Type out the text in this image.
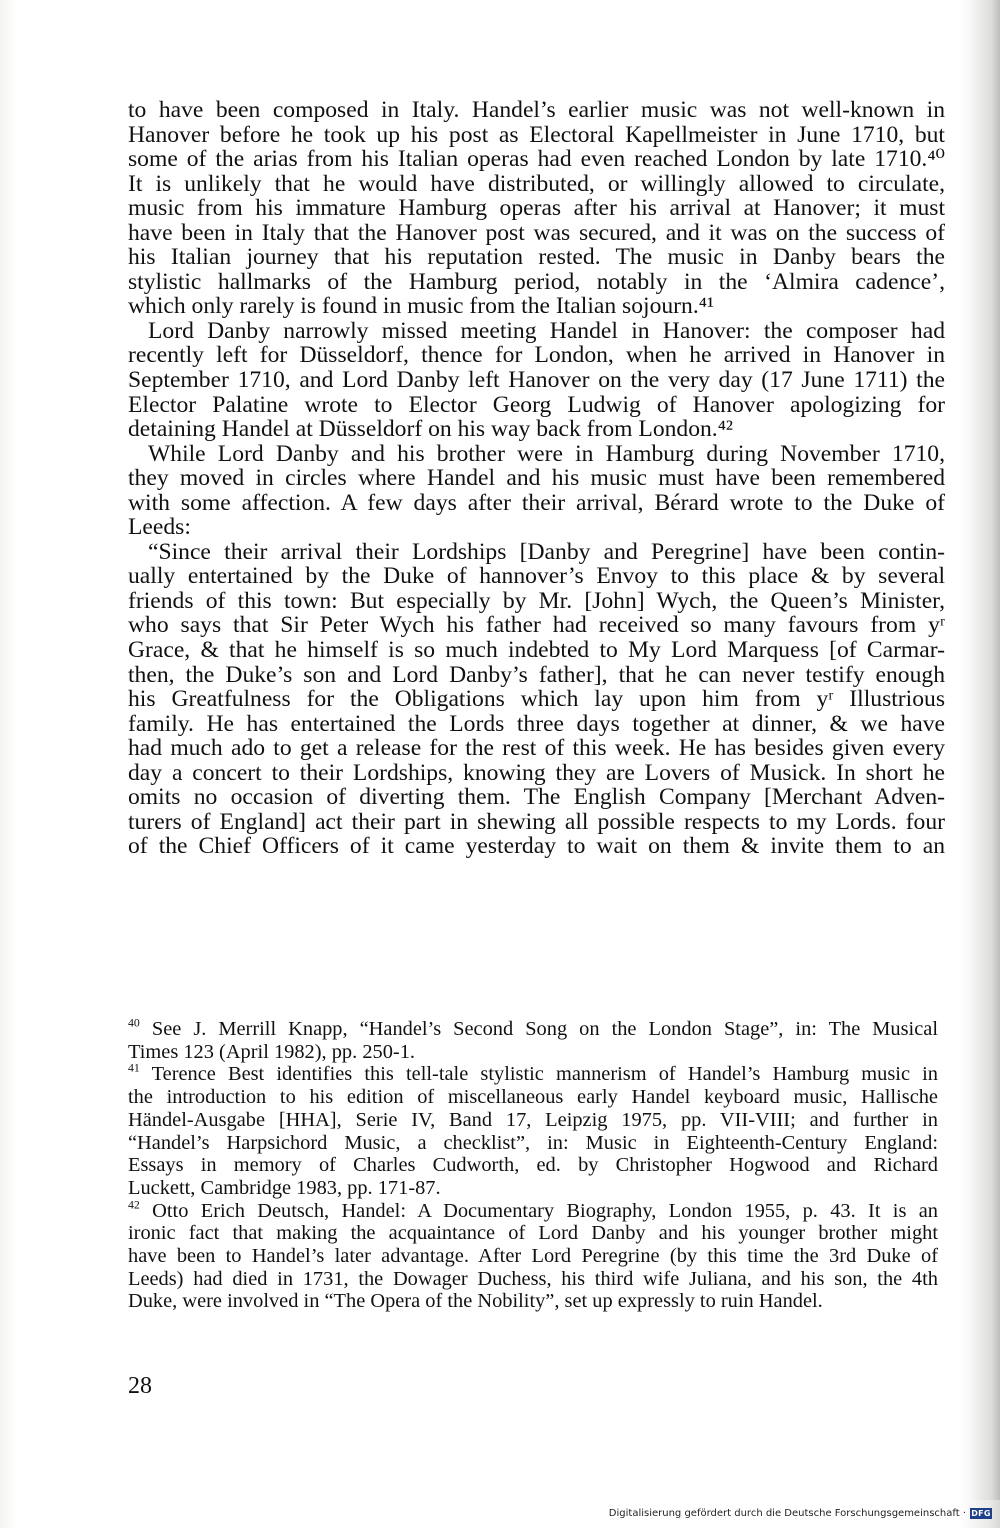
to have been composed in Italy. Handel’s earlier music was not well-known in
Hanover before he took up his post as Electoral Kapellmeister in June 1710, but
some of the arias from his Italian operas had even reached London by late 1710.⁴⁰
It is unlikely that he would have distributed, or willingly allowed to circulate,
music from his immature Hamburg operas after his arrival at Hanover; it must
have been in Italy that the Hanover post was secured, and it was on the success of
his Italian journey that his reputation rested. The music in Danby bears the
stylistic hallmarks of the Hamburg period, notably in the ‘Almira cadence’,
which only rarely is found in music from the Italian sojourn.⁴¹
Lord Danby narrowly missed meeting Handel in Hanover: the composer had
recently left for Düsseldorf, thence for London, when he arrived in Hanover in
September 1710, and Lord Danby left Hanover on the very day (17 June 1711) the
Elector Palatine wrote to Elector Georg Ludwig of Hanover apologizing for
detaining Handel at Düsseldorf on his way back from London.⁴²
While Lord Danby and his brother were in Hamburg during November 1710,
they moved in circles where Handel and his music must have been remembered
with some affection. A few days after their arrival, Bérard wrote to the Duke of
Leeds:
“Since their arrival their Lordships [Danby and Peregrine] have been contin-
ually entertained by the Duke of hannover’s Envoy to this place & by several
friends of this town: But especially by Mr. [John] Wych, the Queen’s Minister,
who says that Sir Peter Wych his father had received so many favours from yʳ
Grace, & that he himself is so much indebted to My Lord Marquess [of Carmar-
then, the Duke’s son and Lord Danby’s father], that he can never testify enough
his Greatfulness for the Obligations which lay upon him from yʳ Illustrious
family. He has entertained the Lords three days together at dinner, & we have
had much ado to get a release for the rest of this week. He has besides given every
day a concert to their Lordships, knowing they are Lovers of Musick. In short he
omits no occasion of diverting them. The English Company [Merchant Adven-
turers of England] act their part in shewing all possible respects to my Lords. four
of the Chief Officers of it came yesterday to wait on them & invite them to an
$^{40}$ See J. Merrill Knapp, “Handel’s Second Song on the London Stage”, in: The Musical
Times 123 (April 1982), pp. 250-1.
$^{41}$ Terence Best identifies this tell-tale stylistic mannerism of Handel’s Hamburg music in
the introduction to his edition of miscellaneous early Handel keyboard music, Hallische
Händel-Ausgabe [HHA], Serie IV, Band 17, Leipzig 1975, pp. VII-VIII; and further in
“Handel’s Harpsichord Music, a checklist”, in: Music in Eighteenth-Century England:
Essays in memory of Charles Cudworth, ed. by Christopher Hogwood and Richard
Luckett, Cambridge 1983, pp. 171-87.
$^{42}$ Otto Erich Deutsch, Handel: A Documentary Biography, London 1955, p. 43. It is an
ironic fact that making the acquaintance of Lord Danby and his younger brother might
have been to Handel’s later advantage. After Lord Peregrine (by this time the 3rd Duke of
Leeds) had died in 1731, the Dowager Duchess, his third wife Juliana, and his son, the 4th
Duke, were involved in “The Opera of the Nobility”, set up expressly to ruin Handel.
28
Digitalisierung gefördert durch die Deutsche Forschungsgemeinschaft · DFG
